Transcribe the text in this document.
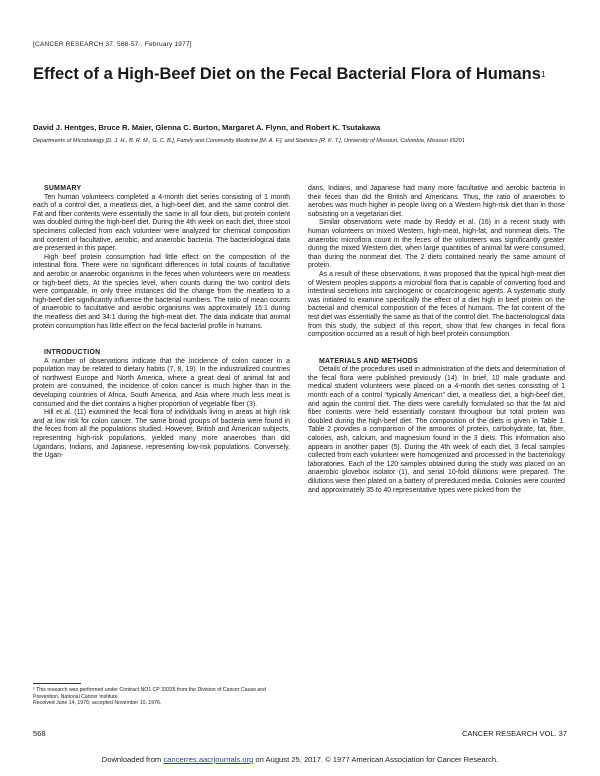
[CANCER RESEARCH 37. 568-57·. February 1977]
Effect of a High-Beef Diet on the Fecal Bacterial Flora of Humans$^1$
David J. Hentges, Bruce R. Maier, Glenna C. Burton, Margaret A. Flynn, and Robert K. Tsutakawa
Departments of Microbiology [D. J. H., B. R. M., G. C. B.], Family and Community Medicine [M. A. F.], and Statistics [R. K. T.], University of Missouri, Columbia, Missouri 65201

SUMMARY

Ten human volunteers completed a 4-month diet series consisting of 1 month each of a control diet, a meatless diet, a high-beef diet, and the same control diet. Fat and fiber contents were essentially the same in all four diets, but protein content was doubled during the high-beef diet. During the 4th week on each diet, three stool specimens collected from each volunteer were analyzed for chemical composition and content of facultative, aerobic, and anaerobic bacteria. The bacteriological data are presented in this paper.

High beef protein consumption had little effect on the composition of the intestinal flora. There were no significant differences in total counts of facultative and aerobic or anaerobic organisms in the feces when volunteers were on meatless or high-beef diets. At the species level, when counts during the two control diets were comparable, in only three instances did the change from the meatless to a high-beef diet significantly influence the bacterial numbers. The ratio of mean counts of anaerobic to facultative and aerobic organisms was approximately 15:1 during the meatless diet and 34:1 during the high-meat diet. The data indicate that animal protein consumption has little effect on the fecal bacterial profile in humans.

INTRODUCTION

A number of observations indicate that the incidence of colon cancer in a population may be related to dietary habits (7, 8, 19). In the industrialized countries of northwest Europe and North America, where a great deal of animal fat and protein are consumed, the incidence of colon cancer is much higher than in the developing countries of Africa, South America, and Asia where much less meat is consumed and the diet contains a higher proportion of vegetable fiber (3).

Hill et al. (11) examined the fecal flora of individuals living in areas at high risk and at low risk for colon cancer. The same broad groups of bacteria were found in the feces from all the populations studied. However, British and American subjects, representing high-risk populations, yielded many more anaerobes than did Ugandans, Indians, and Japanese, representing low-risk populations. Conversely, the Ugan-

dans, Indians, and Japanese had many more facultative and aerobic bacteria in their feces than did the British and Americans. Thus, the ratio of anaerobes to aerobes was much higher in people living on a Western high-risk diet than in those subsisting on a vegetarian diet.

Similar observations were made by Reddy et al. (16) in a recent study with human volunteers on mixed Western, high-meat, high-fat, and nonmeat diets. The anaerobic microflora count in the feces of the volunteers was significantly greater during the mixed Western diet, when large quantities of animal fat were consumed, than during the nonmeat diet. The 2 diets contained nearly the same amount of protein.

As a result of these observations, it was proposed that the typical high-meat diet of Western peoples supports a microbial flora that is capable of converting food and intestinal secretions into carcinogenic or cocarcinogenic agents. A systematic study was initiated to examine specifically the effect of a diet high in beef protein on the bacterial and chemical composition of the feces of humans. The fat content of the test diet was essentially the same as that of the control diet. The bacteriological data from this study, the subject of this report, show that few changes in fecal flora composition occurred as a result of high beef protein consumption.

MATERIALS AND METHODS

Details of the procedures used in administration of the diets and determination of the fecal flora were published previously (14). In brief, 10 male graduate and medical student volunteers were placed on a 4-month diet series consisting of 1 month each of a control “typically American” diet, a meatless diet, a high-beef diet, and again the control diet. The diets were carefully formulated so that the fat and fiber contents were held essentially constant throughout but total protein was doubled during the high-beef diet. The composition of the diets is given in Table 1. Table 2 provides a comparison of the amounts of protein, carbohydrate, fat, fiber, calories, ash, calcium, and magnesium found in the 3 diets. This information also appears in another paper (5). During the 4th week of each diet, 3 fecal samples collected from each volunteer were homogenized and processed in the bacteriology laboratories. Each of the 120 samples obtained during the study was placed on an anaerobic glovebox isolator (1), and serial 10-fold dilutions were prepared. The dilutions were then plated on a battery of prereduced media. Colonies were counted and approximately 35 to 40 representative types were picked from the

¹ This research was performed under Contract NO1 CP 33335 from the Division of Cancer Cause and Prevention, National Cancer Institute.

Received June 14, 1976; accepted November 10, 1976.

568	CANCER RESEARCH VOL. 37
Downloaded from cancerres.aacrjournals.org on August 25, 2017. © 1977 American Association for Cancer Research.
